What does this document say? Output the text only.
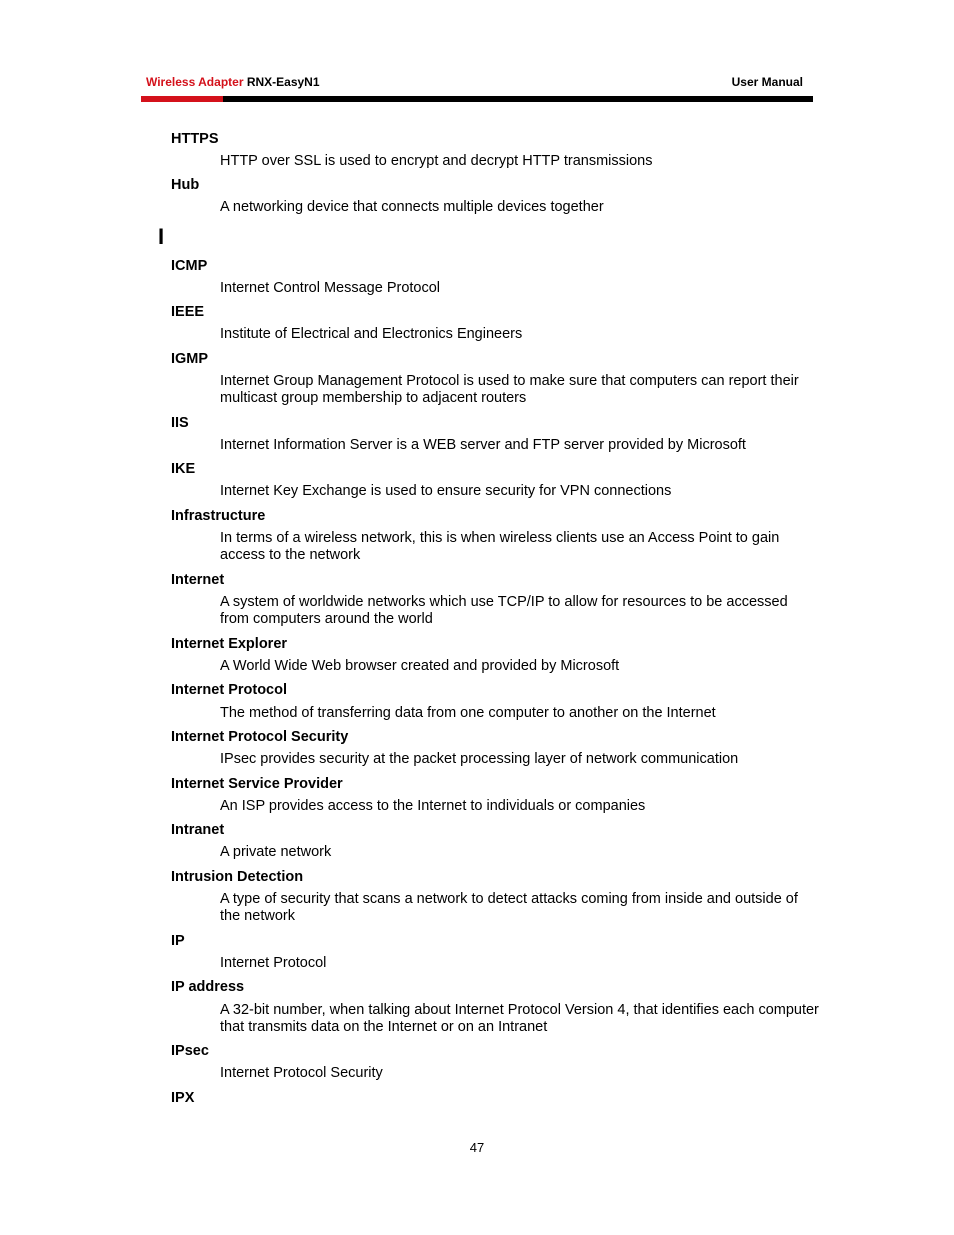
Wireless Adapter RNX-EasyN1	User Manual
I
HTTPS
HTTP over SSL is used to encrypt and decrypt HTTP transmissions
Hub
A networking device that connects multiple devices together
ICMP
Internet Control Message Protocol
IEEE
Institute of Electrical and Electronics Engineers
IGMP
Internet Group Management Protocol is used to make sure that computers can report their multicast group membership to adjacent routers
IIS
Internet Information Server is a WEB server and FTP server provided by Microsoft
IKE
Internet Key Exchange is used to ensure security for VPN connections
Infrastructure
In terms of a wireless network, this is when wireless clients use an Access Point to gain access to the network
Internet
A system of worldwide networks which use TCP/IP to allow for resources to be accessed from computers around the world
Internet Explorer
A World Wide Web browser created and provided by Microsoft
Internet Protocol
The method of transferring data from one computer to another on the Internet
Internet Protocol Security
IPsec provides security at the packet processing layer of network communication
Internet Service Provider
An ISP provides access to the Internet to individuals or companies
Intranet
A private network
Intrusion Detection
A type of security that scans a network to detect attacks coming from inside and outside of the network
IP
Internet Protocol
IP address
A 32-bit number, when talking about Internet Protocol Version 4, that identifies each computer that transmits data on the Internet or on an Intranet
IPsec
Internet Protocol Security
IPX
47
